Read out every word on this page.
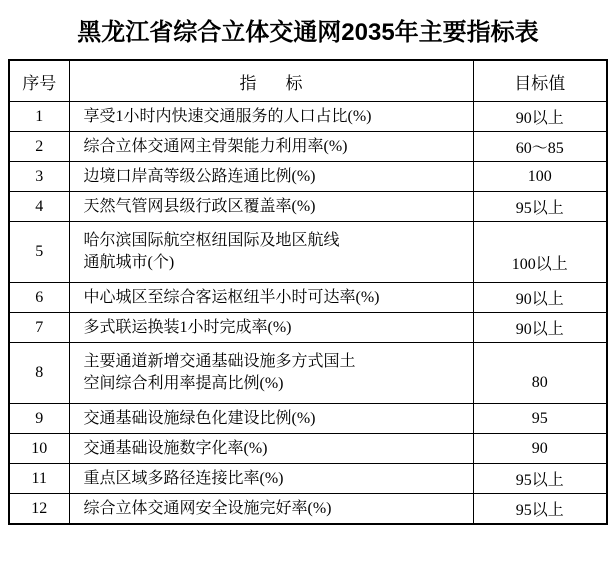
黑龙江省综合立体交通网2035年主要指标表
序号	指　标	目标值
1	享受1小时内快速交通服务的人口占比(%)	90以上
2	综合立体交通网主骨架能力利用率(%)	60～85
3	边境口岸高等级公路连通比例(%)	100
4	天然气管网县级行政区覆盖率(%)	95以上
5	哈尔滨国际航空枢纽国际及地区航线
通航城市(个)	100以上

6	中心城区至综合客运枢纽半小时可达率(%)	90以上
7	多式联运换装1小时完成率(%)	90以上
8	主要通道新增交通基础设施多方式国土
空间综合利用率提高比例(%)	80

9	交通基础设施绿色化建设比例(%)	95
10	交通基础设施数字化率(%)	90
11	重点区域多路径连接比率(%)	95以上
12	综合立体交通网安全设施完好率(%)	95以上
